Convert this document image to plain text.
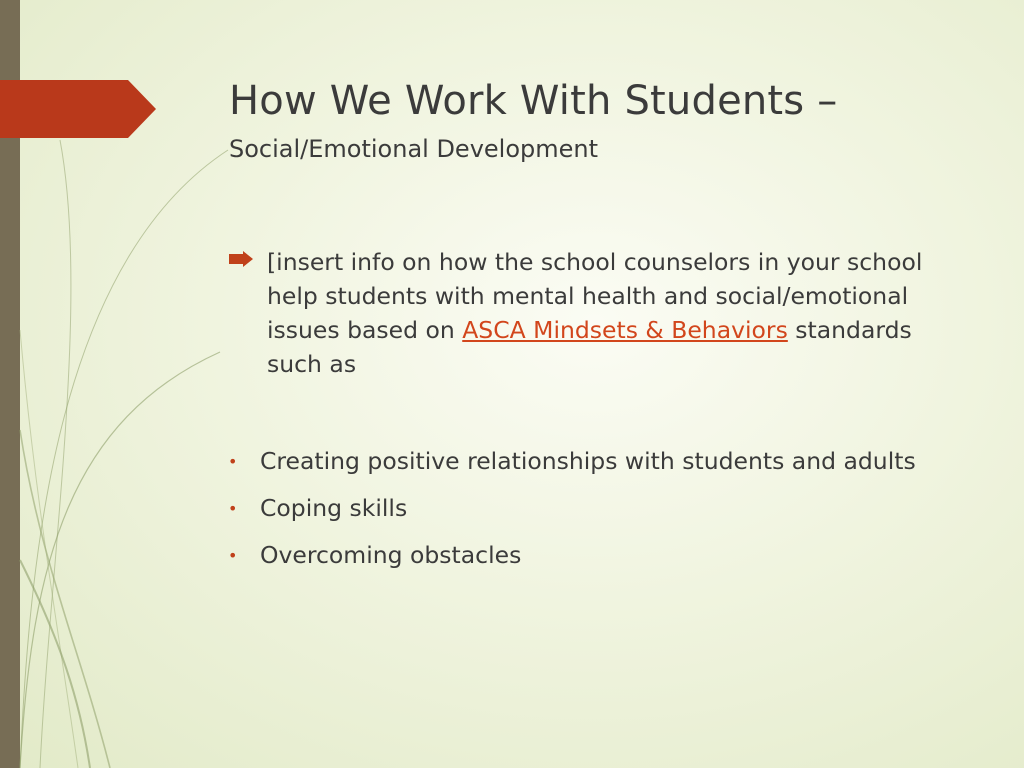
How We Work With Students –
Social/Emotional Development

[insert info on how the school counselors in your school help students with mental health and social/emotional issues based on ASCA Mindsets & Behaviors standards such as

• Creating positive relationships with students and adults
• Coping skills
• Overcoming obstacles
